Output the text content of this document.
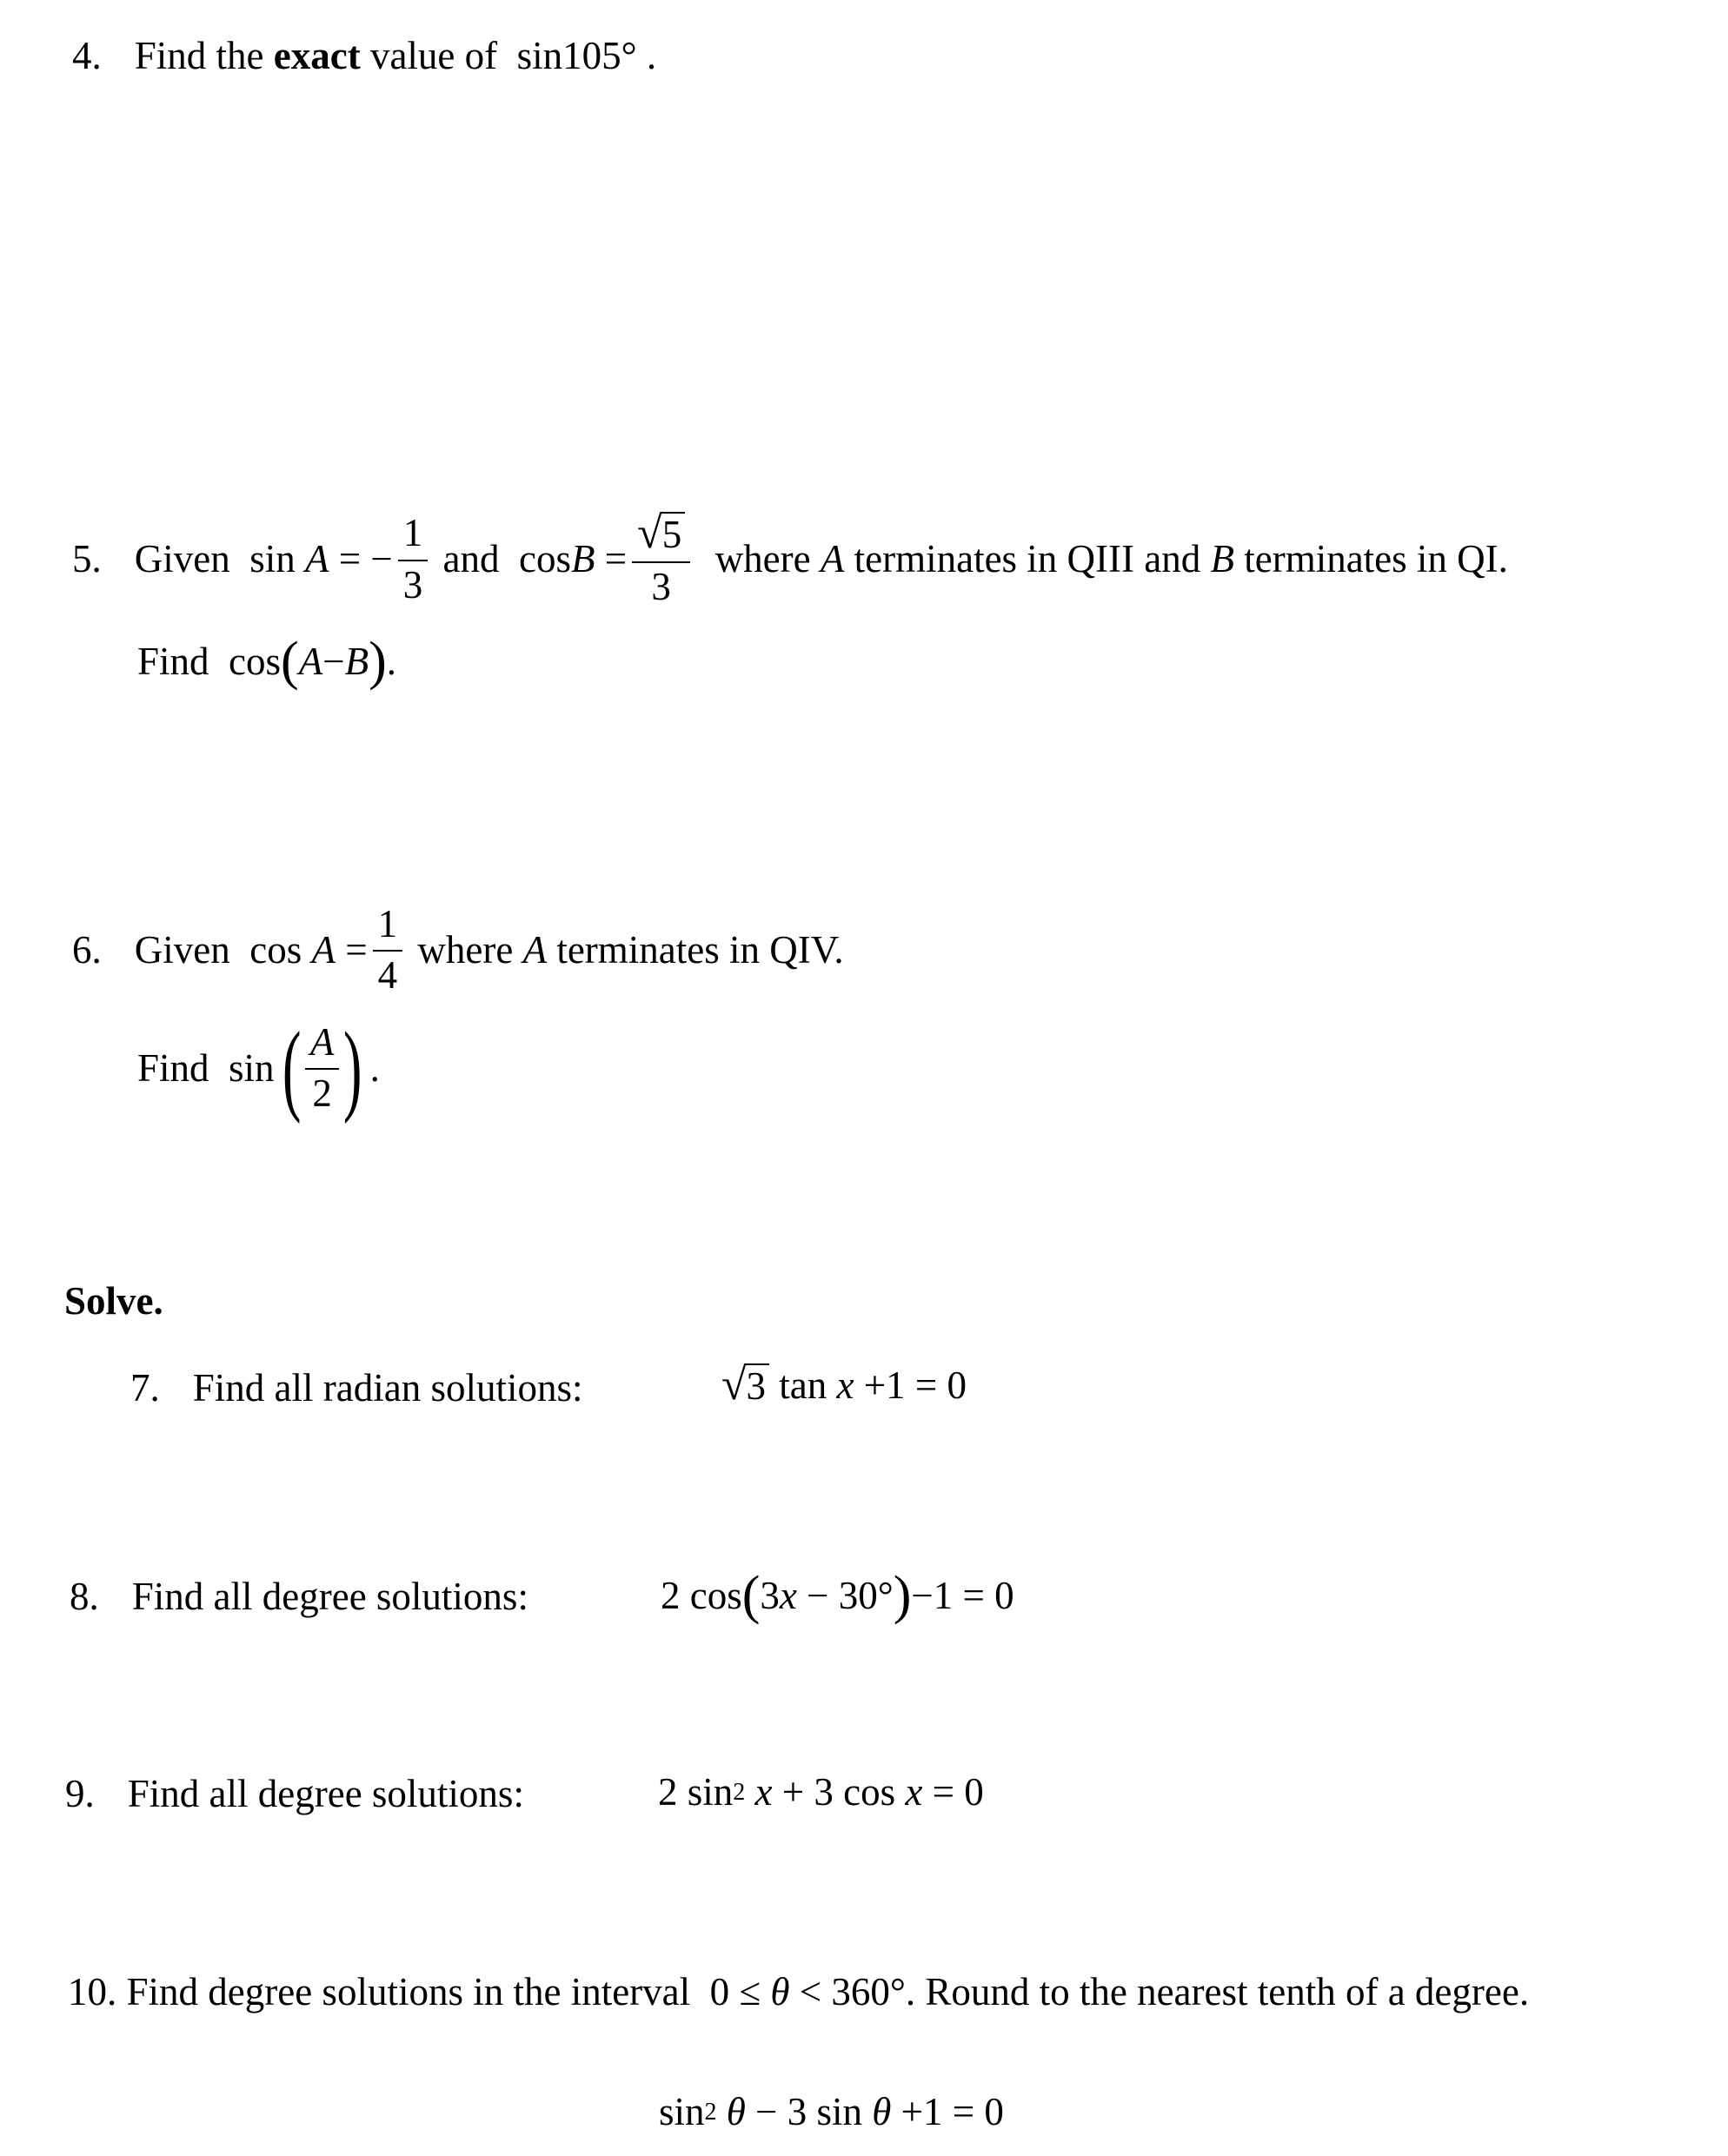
4. Find the
exact
value of
sin 105°
.
5. Given
sin
A
= − $\frac{1}{3}$
and
cos B
= $\frac{√ 5}{3}$
where
A
terminates in QIII and
B
terminates in QI.
Find
cos ( A − B ) .
6. Given
cos
A
= $\frac{1}{4}$
where
A
terminates in QIV.
Find
sin ( $\frac{A}{2}$ ) .
Solve.
7. Find all radian solutions:	√ 3
tan
x
+1 = 0
8. Find all degree solutions:	2
cos ( 3 x
− 30° ) −1 = 0
9. Find all degree solutions:	2
sin 2
x
+ 3
cos
x
= 0
10.
Find degree solutions in the interval
0 ≤
θ
< 360° . Round to the nearest tenth of a degree.
sin 2
θ
− 3
sin
θ
+1 = 0
